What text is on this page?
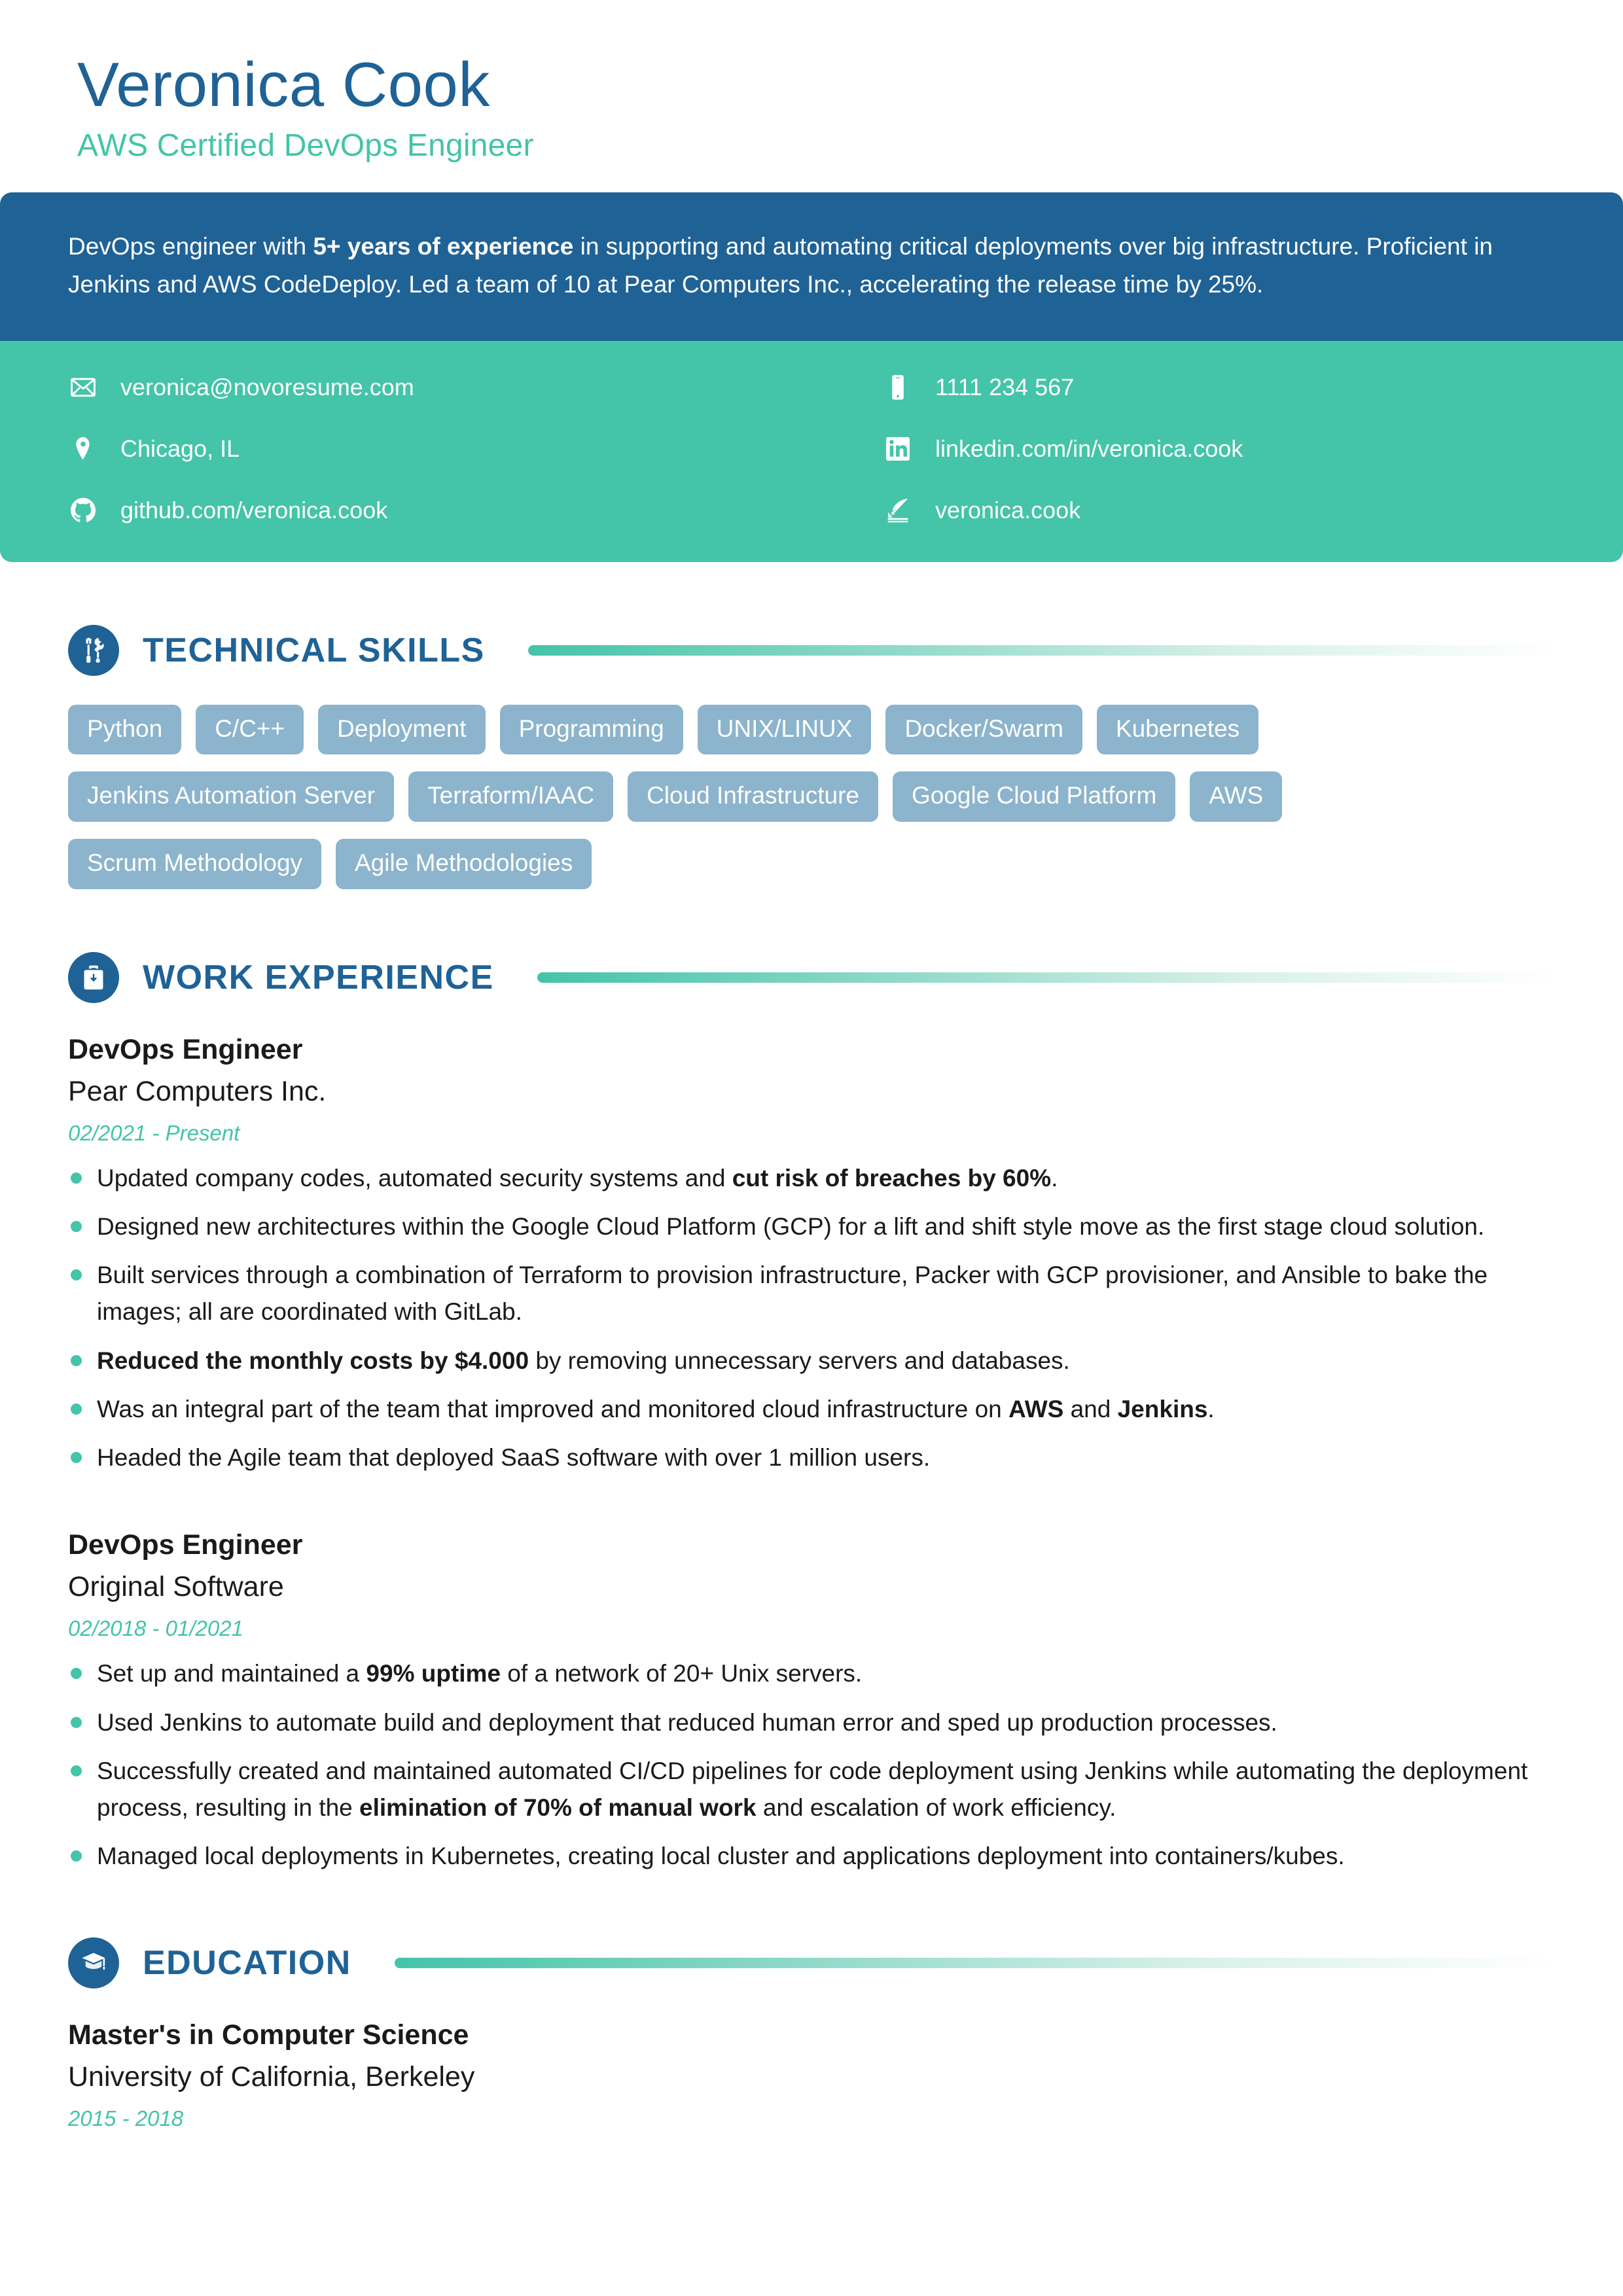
Veronica Cook
AWS Certified DevOps Engineer
DevOps engineer with 5+ years of experience in supporting and automating critical deployments over big infrastructure. Proficient in Jenkins and AWS CodeDeploy. Led a team of 10 at Pear Computers Inc., accelerating the release time by 25%.
veronica@novoresume.com
Chicago, IL
github.com/veronica.cook
1111 234 567
linkedin.com/in/veronica.cook
veronica.cook
TECHNICAL SKILLS
Python	C/C++	Deployment	Programming	UNIX/LINUX	Docker/Swarm	Kubernetes
Jenkins Automation Server	Terraform/IAAC	Cloud Infrastructure	Google Cloud Platform	AWS
Scrum Methodology	Agile Methodologies
WORK EXPERIENCE
DevOps Engineer
Pear Computers Inc.
02/2021 - Present
Updated company codes, automated security systems and cut risk of breaches by 60%.
Designed new architectures within the Google Cloud Platform (GCP) for a lift and shift style move as the first stage cloud solution.
Built services through a combination of Terraform to provision infrastructure, Packer with GCP provisioner, and Ansible to bake the images; all are coordinated with GitLab.
Reduced the monthly costs by $4.000 by removing unnecessary servers and databases.
Was an integral part of the team that improved and monitored cloud infrastructure on AWS and Jenkins.
Headed the Agile team that deployed SaaS software with over 1 million users.
DevOps Engineer
Original Software
02/2018 - 01/2021
Set up and maintained a 99% uptime of a network of 20+ Unix servers.
Used Jenkins to automate build and deployment that reduced human error and sped up production processes.
Successfully created and maintained automated CI/CD pipelines for code deployment using Jenkins while automating the deployment process, resulting in the elimination of 70% of manual work and escalation of work efficiency.
Managed local deployments in Kubernetes, creating local cluster and applications deployment into containers/kubes.
EDUCATION
Master's in Computer Science
University of California, Berkeley
2015 - 2018
